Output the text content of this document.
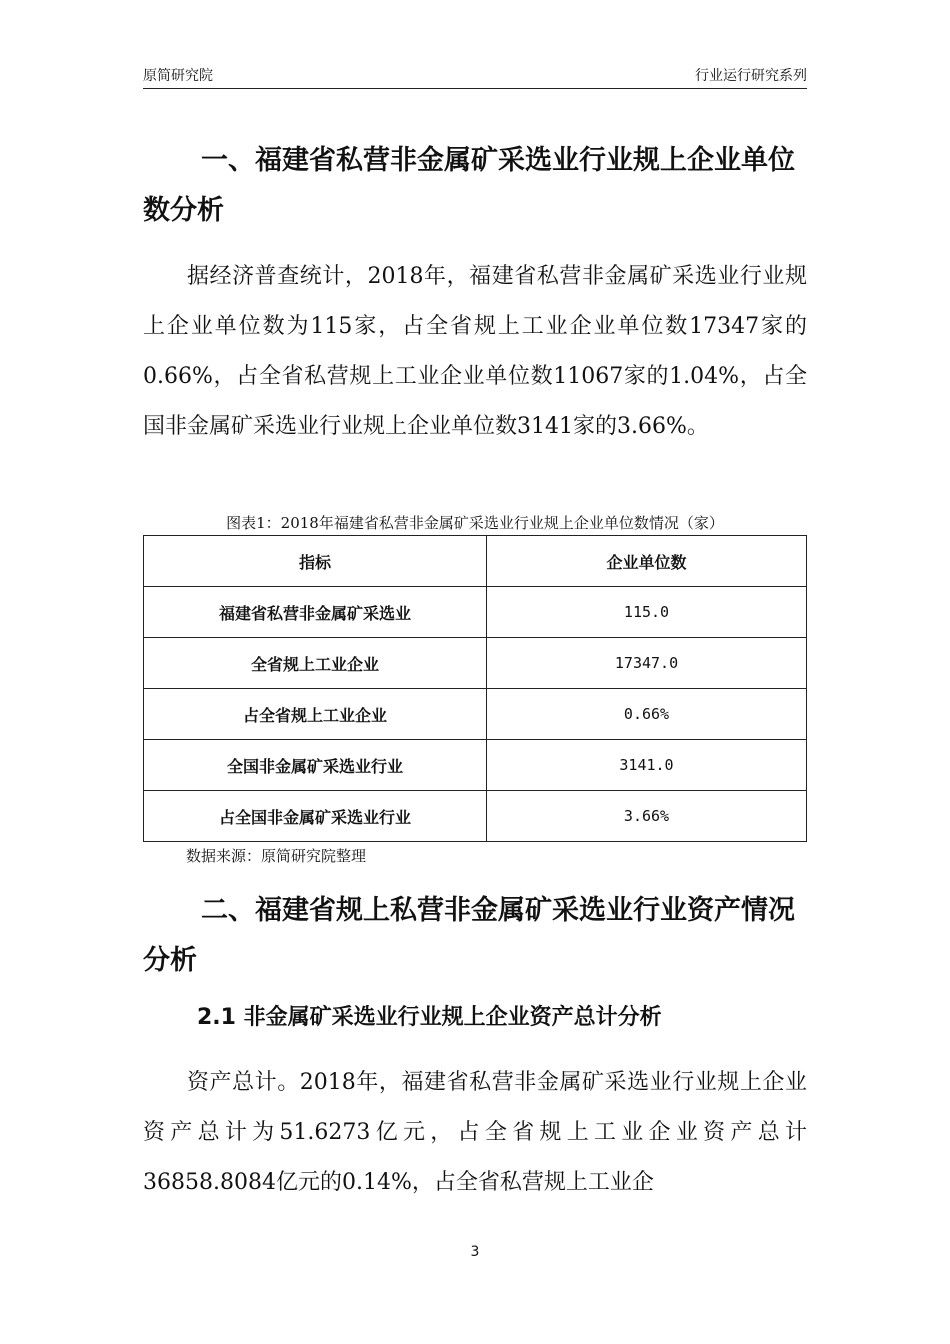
原简研究院	行业运行研究系列
一、福建省私营非金属矿采选业行业规上企业单位数分析

据经济普查统计，2018年，福建省私营非金属矿采选业行业规上企业单位数为115家，占全省规上工业企业单位数17347家的0.66%，占全省私营规上工业企业单位数11067家的1.04%，占全国非金属矿采选业行业规上企业单位数3141家的3.66%。

图表1：2018年福建省私营非金属矿采选业行业规上企业单位数情况（家）
指标	企业单位数
福建省私营非金属矿采选业	115.0
全省规上工业企业	17347.0
占全省规上工业企业	0.66%
全国非金属矿采选业行业	3141.0
占全国非金属矿采选业行业	3.66%
数据来源：原简研究院整理
二、福建省规上私营非金属矿采选业行业资产情况分析
2.1 非金属矿采选业行业规上企业资产总计分析

资产总计。2018年，福建省私营非金属矿采选业行业规上企业资产总计为51.6273亿元，占全省规上工业企业资产总计36858.8084亿元的0.14%，占全省私营规上工业企

3
